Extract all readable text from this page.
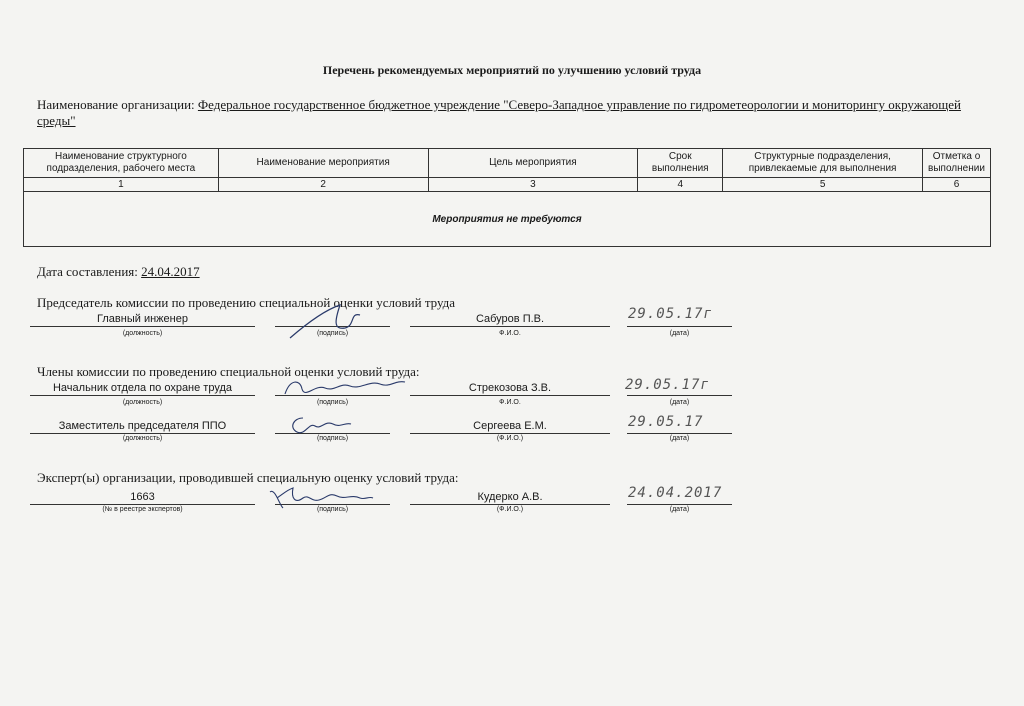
Перечень рекомендуемых мероприятий по улучшению условий труда
Наименование организации: Федеральное государственное бюджетное учреждение "Северо-Западное управление по гидрометеорологии и мониторингу окружающей среды"
Наименование структурного подразделения, рабочего места	Наименование мероприятия	Цель мероприятия	Срок выполнения	Структурные подразделения, привлекаемые для выполнения	Отметка о выполнении
1	2	3	4	5	6
Мероприятия не требуются					
Дата составления: 24.04.2017
Председатель комиссии по проведению специальной оценки условий труда
Главный инженер
(должность)	(подпись)
Сабуров П.В.
Ф.И.О.
29.05.17г
(дата)
Члены комиссии по проведению специальной оценки условий труда:
Начальник отдела по охране труда
(должность)	(подпись)
Стрекозова З.В.
Ф.И.О.
29.05.17г
(дата)
Заместитель председателя ППО
(должность)	(подпись)
Сергеева Е.М.
(Ф.И.О.)
29.05.17
(дата)
Эксперт(ы) организации, проводившей специальную оценку условий труда:
1663
(№ в реестре экспертов)	(подпись)
Кудерко А.В.
(Ф.И.О.)
24.04.2017
(дата)
